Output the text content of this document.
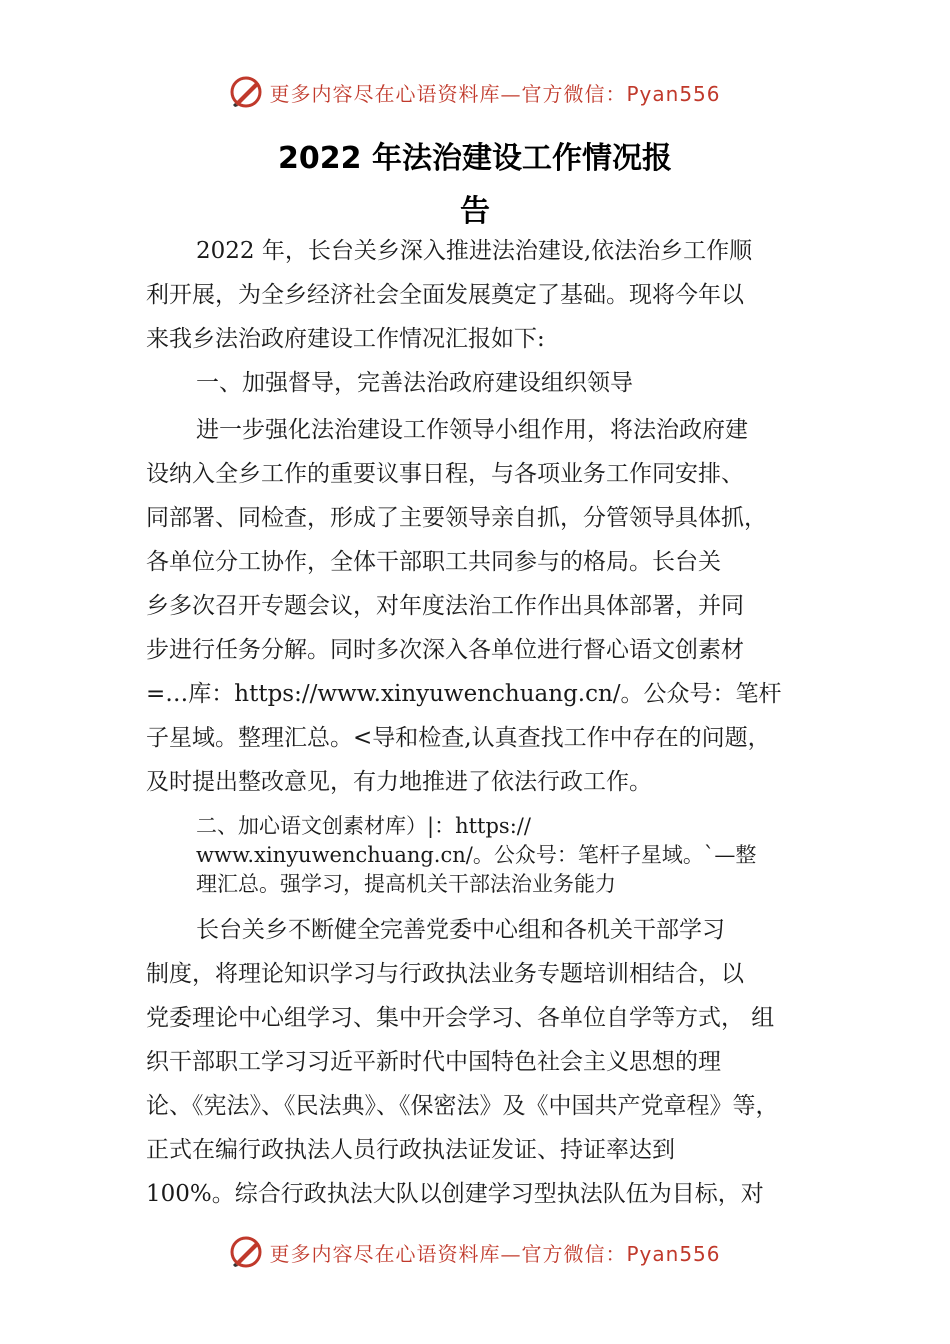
更多内容尽在心语资料库—官方微信：Pyan556
2022 年法治建设工作情况报
告

2022 年，长台关乡深入推进法治建设,依法治乡工作顺

利开展，为全乡经济社会全面发展奠定了基础。现将今年以

来我乡法治政府建设工作情况汇报如下:

一、加强督导，完善法治政府建设组织领导

进一步强化法治建设工作领导小组作用，将法治政府建

设纳入全乡工作的重要议事日程，与各项业务工作同安排、

同部署、同检查，形成了主要领导亲自抓，分管领导具体抓，

各单位分工协作，全体干部职工共同参与的格局。长台关

乡多次召开专题会议，对年度法治工作作出具体部署，并同

步进行任务分解。同时多次深入各单位进行督心语文创素材

=…库：https://www.xinyuwenchuang.cn/。公众号：笔杆

子星域。整理汇总。<导和检查,认真查找工作中存在的问题，

及时提出整改意见，有力地推进了依法行政工作。

二、加心语文创素材库）|：https://

www.xinyuwenchuang.cn/。公众号：笔杆子星域。`—整

理汇总。强学习，提高机关干部法治业务能力

长台关乡不断健全完善党委中心组和各机关干部学习

制度，将理论知识学习与行政执法业务专题培训相结合，以

党委理论中心组学习、集中开会学习、各单位自学等方式， 组

织干部职工学习习近平新时代中国特色社会主义思想的理

论、《宪法》、《民法典》、《保密法》及《中国共产党章程》等，

正式在编行政执法人员行政执法证发证、持证率达到

100%。综合行政执法大队以创建学习型执法队伍为目标，对

更多内容尽在心语资料库—官方微信：Pyan556
